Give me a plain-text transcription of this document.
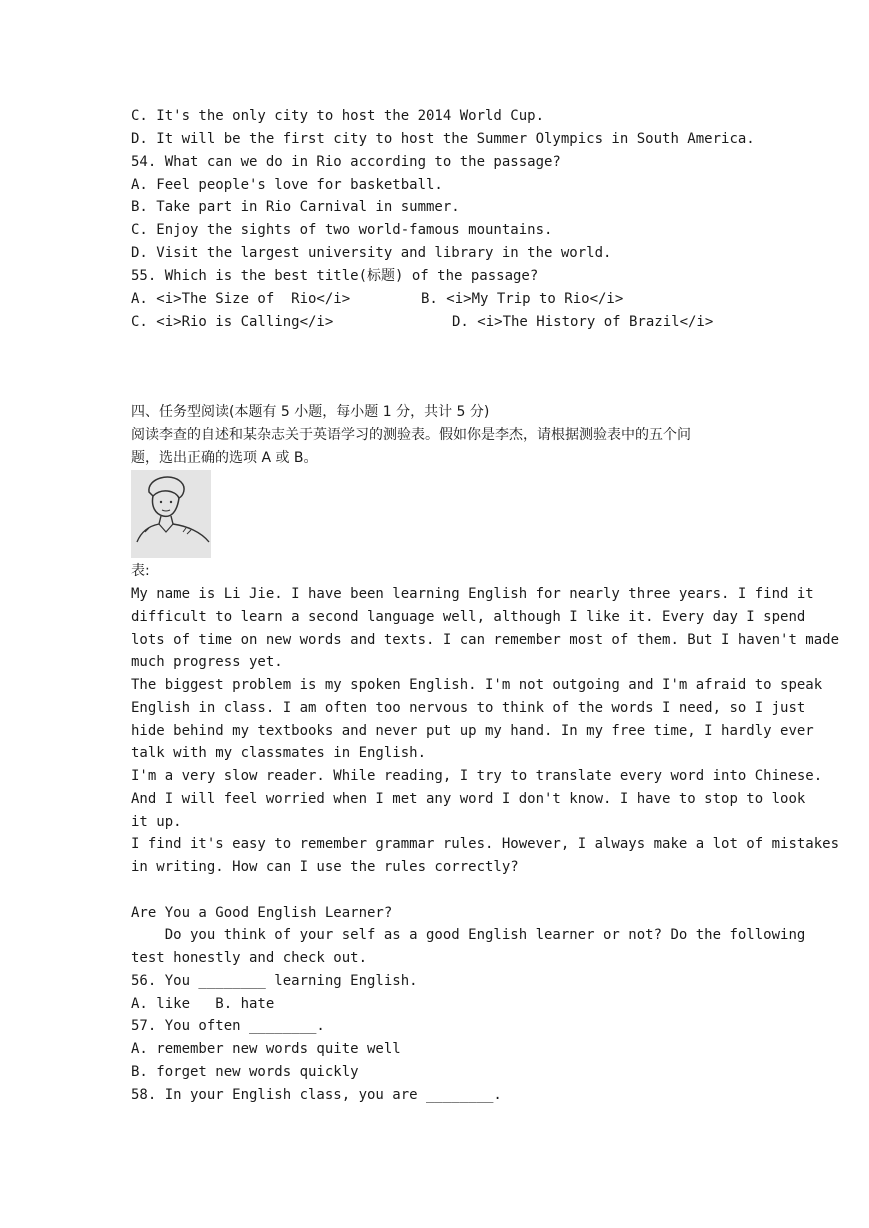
C. It's the only city to host the 2014 World Cup.
D. It will be the first city to host the Summer Olympics in South America.
54. What can we do in Rio according to the passage?
A. Feel people's love for basketball.
B. Take part in Rio Carnival in summer.
C. Enjoy the sights of two world-famous mountains.
D. Visit the largest university and library in the world.
55. Which is the best title(标题) of the passage?
A. <i>The Size of  Rio</i>	B. <i>My Trip to Rio</i>
C. <i>Rio is Calling</i>	D. <i>The History of Brazil</i>
四、任务型阅读(本题有 5 小题，每小题 1 分，共计 5 分)
阅读李查的自述和某杂志关于英语学习的测验表。假如你是李杰，请根据测验表中的五个问
题，选出正确的选项 A 或 B。
表:
My name is Li Jie. I have been learning English for nearly three years. I find it
difficult to learn a second language well, although I like it. Every day I spend
lots of time on new words and texts. I can remember most of them. But I haven't made
much progress yet.
The biggest problem is my spoken English. I'm not outgoing and I'm afraid to speak
English in class. I am often too nervous to think of the words I need, so I just
hide behind my textbooks and never put up my hand. In my free time, I hardly ever
talk with my classmates in English.
I'm a very slow reader. While reading, I try to translate every word into Chinese.
And I will feel worried when I met any word I don't know. I have to stop to look
it up.
I find it's easy to remember grammar rules. However, I always make a lot of mistakes
in writing. How can I use the rules correctly?
Are You a Good English Learner?
Do you think of your self as a good English learner or not? Do the following
test honestly and check out.
56. You ________ learning English.
A. like   B. hate
57. You often ________.
A. remember new words quite well
B. forget new words quickly
58. In your English class, you are ________.
